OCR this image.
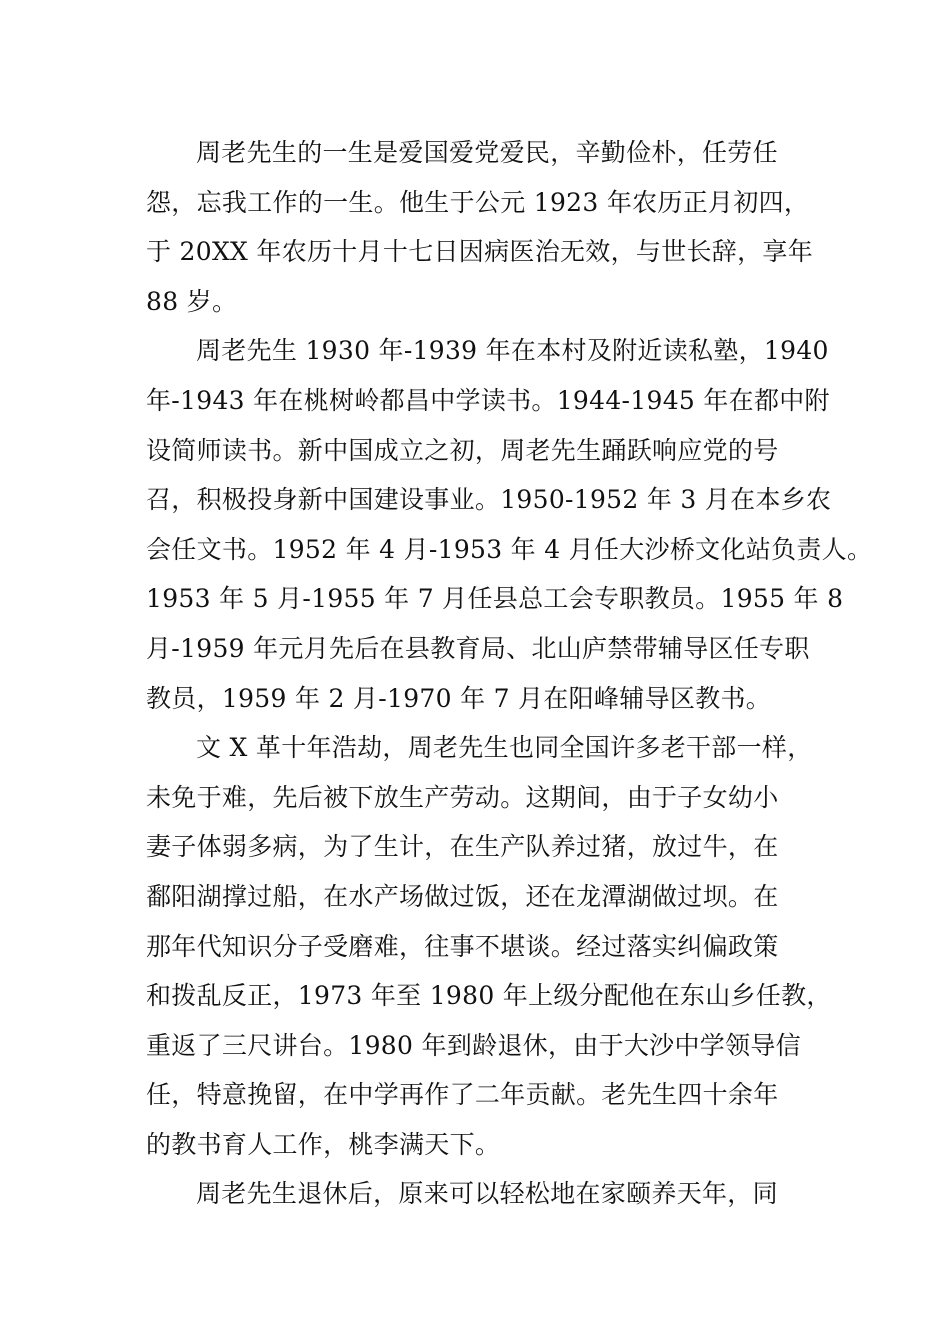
周老先生的一生是爱国爱党爱民，辛勤俭朴，任劳任
怨，忘我工作的一生。他生于公元 1923 年农历正月初四，
于 20XX 年农历十月十七日因病医治无效，与世长辞，享年
88 岁。
周老先生 1930 年-1939 年在本村及附近读私塾，1940
年-1943 年在桃树岭都昌中学读书。1944-1945 年在都中附
设简师读书。新中国成立之初，周老先生踊跃响应党的号
召，积极投身新中国建设事业。1950-1952 年 3 月在本乡农
会任文书。1952 年 4 月-1953 年 4 月任大沙桥文化站负责人。
1953 年 5 月-1955 年 7 月任县总工会专职教员。1955 年 8
月-1959 年元月先后在县教育局、北山庐禁带辅导区任专职
教员，1959 年 2 月-1970 年 7 月在阳峰辅导区教书。
文 X 革十年浩劫，周老先生也同全国许多老干部一样，
未免于难，先后被下放生产劳动。这期间，由于子女幼小
妻子体弱多病，为了生计，在生产队养过猪，放过牛，在
鄱阳湖撑过船，在水产场做过饭，还在龙潭湖做过坝。在
那年代知识分子受磨难，往事不堪谈。经过落实纠偏政策
和拨乱反正，1973 年至 1980 年上级分配他在东山乡任教，
重返了三尺讲台。1980 年到龄退休，由于大沙中学领导信
任，特意挽留，在中学再作了二年贡献。老先生四十余年
的教书育人工作，桃李满天下。
周老先生退休后，原来可以轻松地在家颐养天年，同
